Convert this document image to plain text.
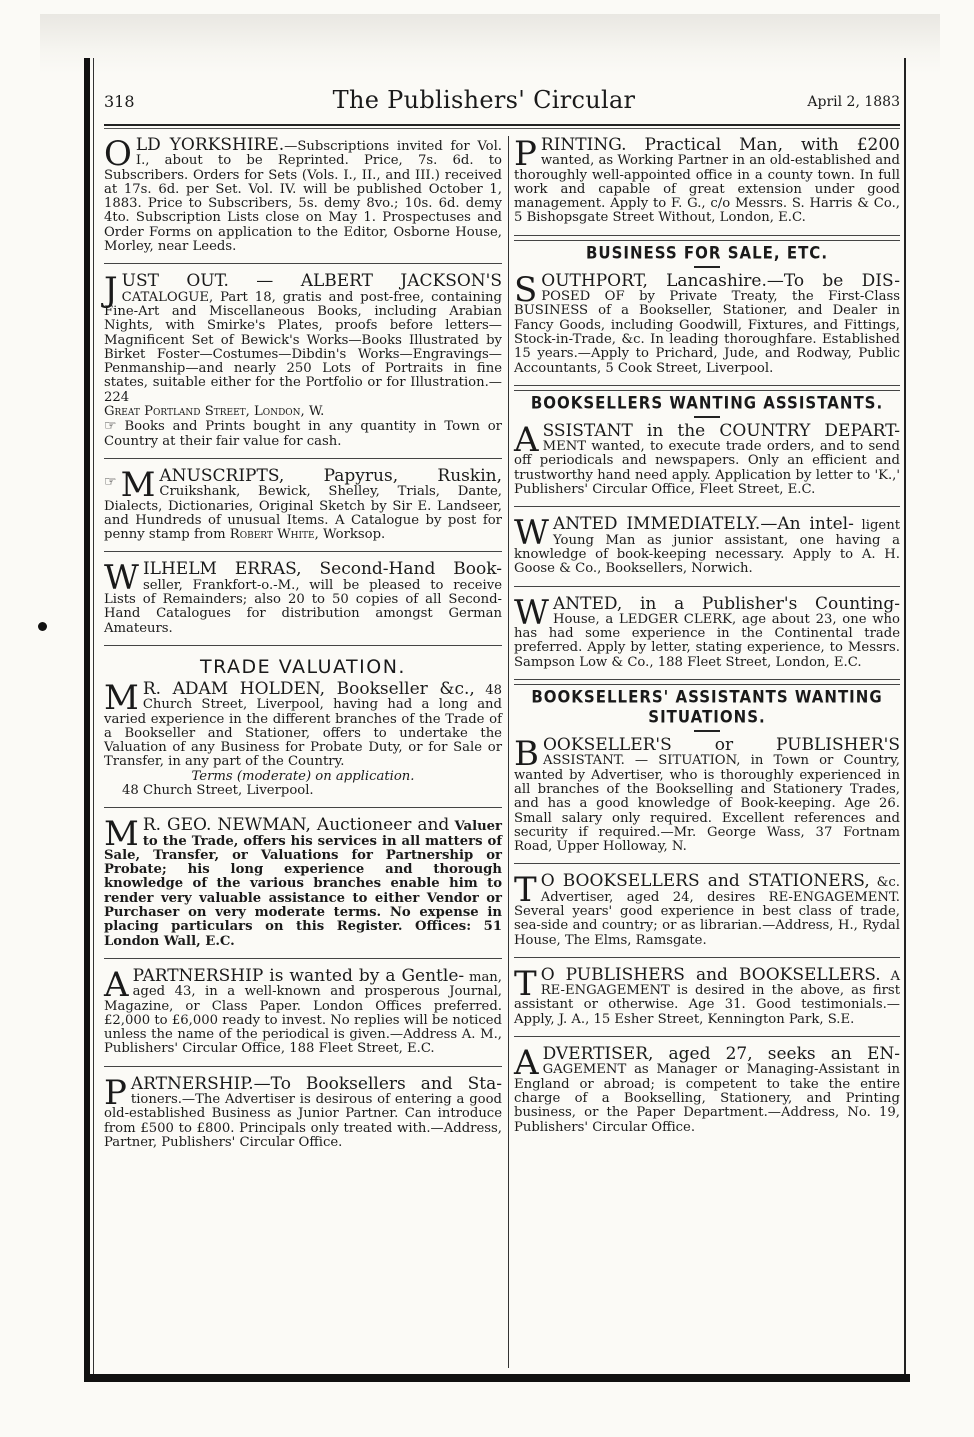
318	The Publishers' Circular	April 2, 1883
OLD YORKSHIRE.—Subscriptions invited for Vol. I., about to be Reprinted. Price, 7s. 6d. to Subscribers. Orders for Sets (Vols. I., II., and III.) received at 17s. 6d. per Set. Vol. IV. will be published October 1, 1883. Price to Subscribers, 5s. demy 8vo.; 10s. 6d. demy 4to. Subscription Lists close on May 1. Prospectuses and Order Forms on application to the Editor, Osborne House, Morley, near Leeds.
JUST OUT. — ALBERT JACKSON'S CATALOGUE, Part 18, gratis and post-free, containing Fine-Art and Miscellaneous Books, including Arabian Nights, with Smirke's Plates, proofs before letters—Magnificent Set of Bewick's Works—Books Illustrated by Birket Foster—Costumes—Dibdin's Works—Engravings—Penmanship—and nearly 250 Lots of Portraits in fine states, suitable either for the Portfolio or for Illustration.—224

Great Portland Street, London, W.

☞ Books and Prints bought in any quantity in Town or Country at their fair value for cash.

☞ M ANUSCRIPTS, Papyrus, Ruskin, Cruikshank, Bewick, Shelley, Trials, Dante, Dialects, Dictionaries, Original Sketch by Sir E. Landseer, and Hundreds of unusual Items. A Catalogue by post for penny stamp from Robert White, Worksop.
WILHELM ERRAS, Second-Hand Book- seller, Frankfort-o.-M., will be pleased to receive Lists of Remainders; also 20 to 50 copies of all Second-Hand Catalogues for distribution amongst German Amateurs.
TRADE VALUATION.
M R. ADAM HOLDEN, Bookseller &c., 48 Church Street, Liverpool, having had a long and varied experience in the different branches of the Trade of a Bookseller and Stationer, offers to undertake the Valuation of any Business for Probate Duty, or for Sale or Transfer, in any part of the Country.

Terms (moderate) on application.

48 Church Street, Liverpool.

M R. GEO. NEWMAN, Auctioneer and Valuer to the Trade, offers his services in all matters of Sale, Transfer, or Valuations for Partnership or Probate; his long experience and thorough knowledge of the various branches enable him to render very valuable assistance to either Vendor or Purchaser on very moderate terms. No expense in placing particulars on this Register. Offices: 51 London Wall, E.C.
APARTNERSHIP is wanted by a Gentle- man, aged 43, in a well-known and prosperous Journal, Magazine, or Class Paper. London Offices preferred. £2,000 to £6,000 ready to invest. No replies will be noticed unless the name of the periodical is given.—Address A. M., Publishers' Circular Office, 188 Fleet Street, E.C.
PARTNERSHIP.—To Booksellers and Sta- tioners.—The Advertiser is desirous of entering a good old-established Business as Junior Partner. Can introduce from £500 to £800. Principals only treated with.—Address, Partner, Publishers' Circular Office.
PRINTING. Practical Man, with £200 wanted, as Working Partner in an old-established and thoroughly well-appointed office in a county town. In full work and capable of great extension under good management. Apply to F. G., c/o Messrs. S. Harris & Co., 5 Bishopsgate Street Without, London, E.C.
BUSINESS FOR SALE, ETC.
SOUTHPORT, Lancashire.—To be DIS- POSED OF by Private Treaty, the First-Class BUSINESS of a Bookseller, Stationer, and Dealer in Fancy Goods, including Goodwill, Fixtures, and Fittings, Stock-in-Trade, &c. In leading thoroughfare. Established 15 years.—Apply to Prichard, Jude, and Rodway, Public Accountants, 5 Cook Street, Liverpool.
BOOKSELLERS WANTING ASSISTANTS.
ASSISTANT in the COUNTRY DEPART- MENT wanted, to execute trade orders, and to send off periodicals and newspapers. Only an efficient and trustworthy hand need apply. Application by letter to 'K.,' Publishers' Circular Office, Fleet Street, E.C.
WANTED IMMEDIATELY.—An intel- ligent Young Man as junior assistant, one having a knowledge of book-keeping necessary. Apply to A. H. Goose & Co., Booksellers, Norwich.
WANTED, in a Publisher's Counting- House, a LEDGER CLERK, age about 23, one who has had some experience in the Continental trade preferred. Apply by letter, stating experience, to Messrs. Sampson Low & Co., 188 Fleet Street, London, E.C.
BOOKSELLERS' ASSISTANTS WANTING
SITUATIONS.
BOOKSELLER'S or PUBLISHER'S ASSISTANT. — SITUATION, in Town or Country, wanted by Advertiser, who is thoroughly experienced in all branches of the Bookselling and Stationery Trades, and has a good knowledge of Book-keeping. Age 26. Small salary only required. Excellent references and security if required.—Mr. George Wass, 37 Fortnam Road, Upper Holloway, N.
T O BOOKSELLERS and STATIONERS, &c. Advertiser, aged 24, desires RE-ENGAGEMENT. Several years' good experience in best class of trade, sea-side and country; or as librarian.—Address, H., Rydal House, The Elms, Ramsgate.
T O PUBLISHERS and BOOKSELLERS. A RE-ENGAGEMENT is desired in the above, as first assistant or otherwise. Age 31. Good testimonials.—Apply, J. A., 15 Esher Street, Kennington Park, S.E.
ADVERTISER, aged 27, seeks an EN- GAGEMENT as Manager or Managing-Assistant in England or abroad; is competent to take the entire charge of a Bookselling, Stationery, and Printing business, or the Paper Department.—Address, No. 19, Publishers' Circular Office.
